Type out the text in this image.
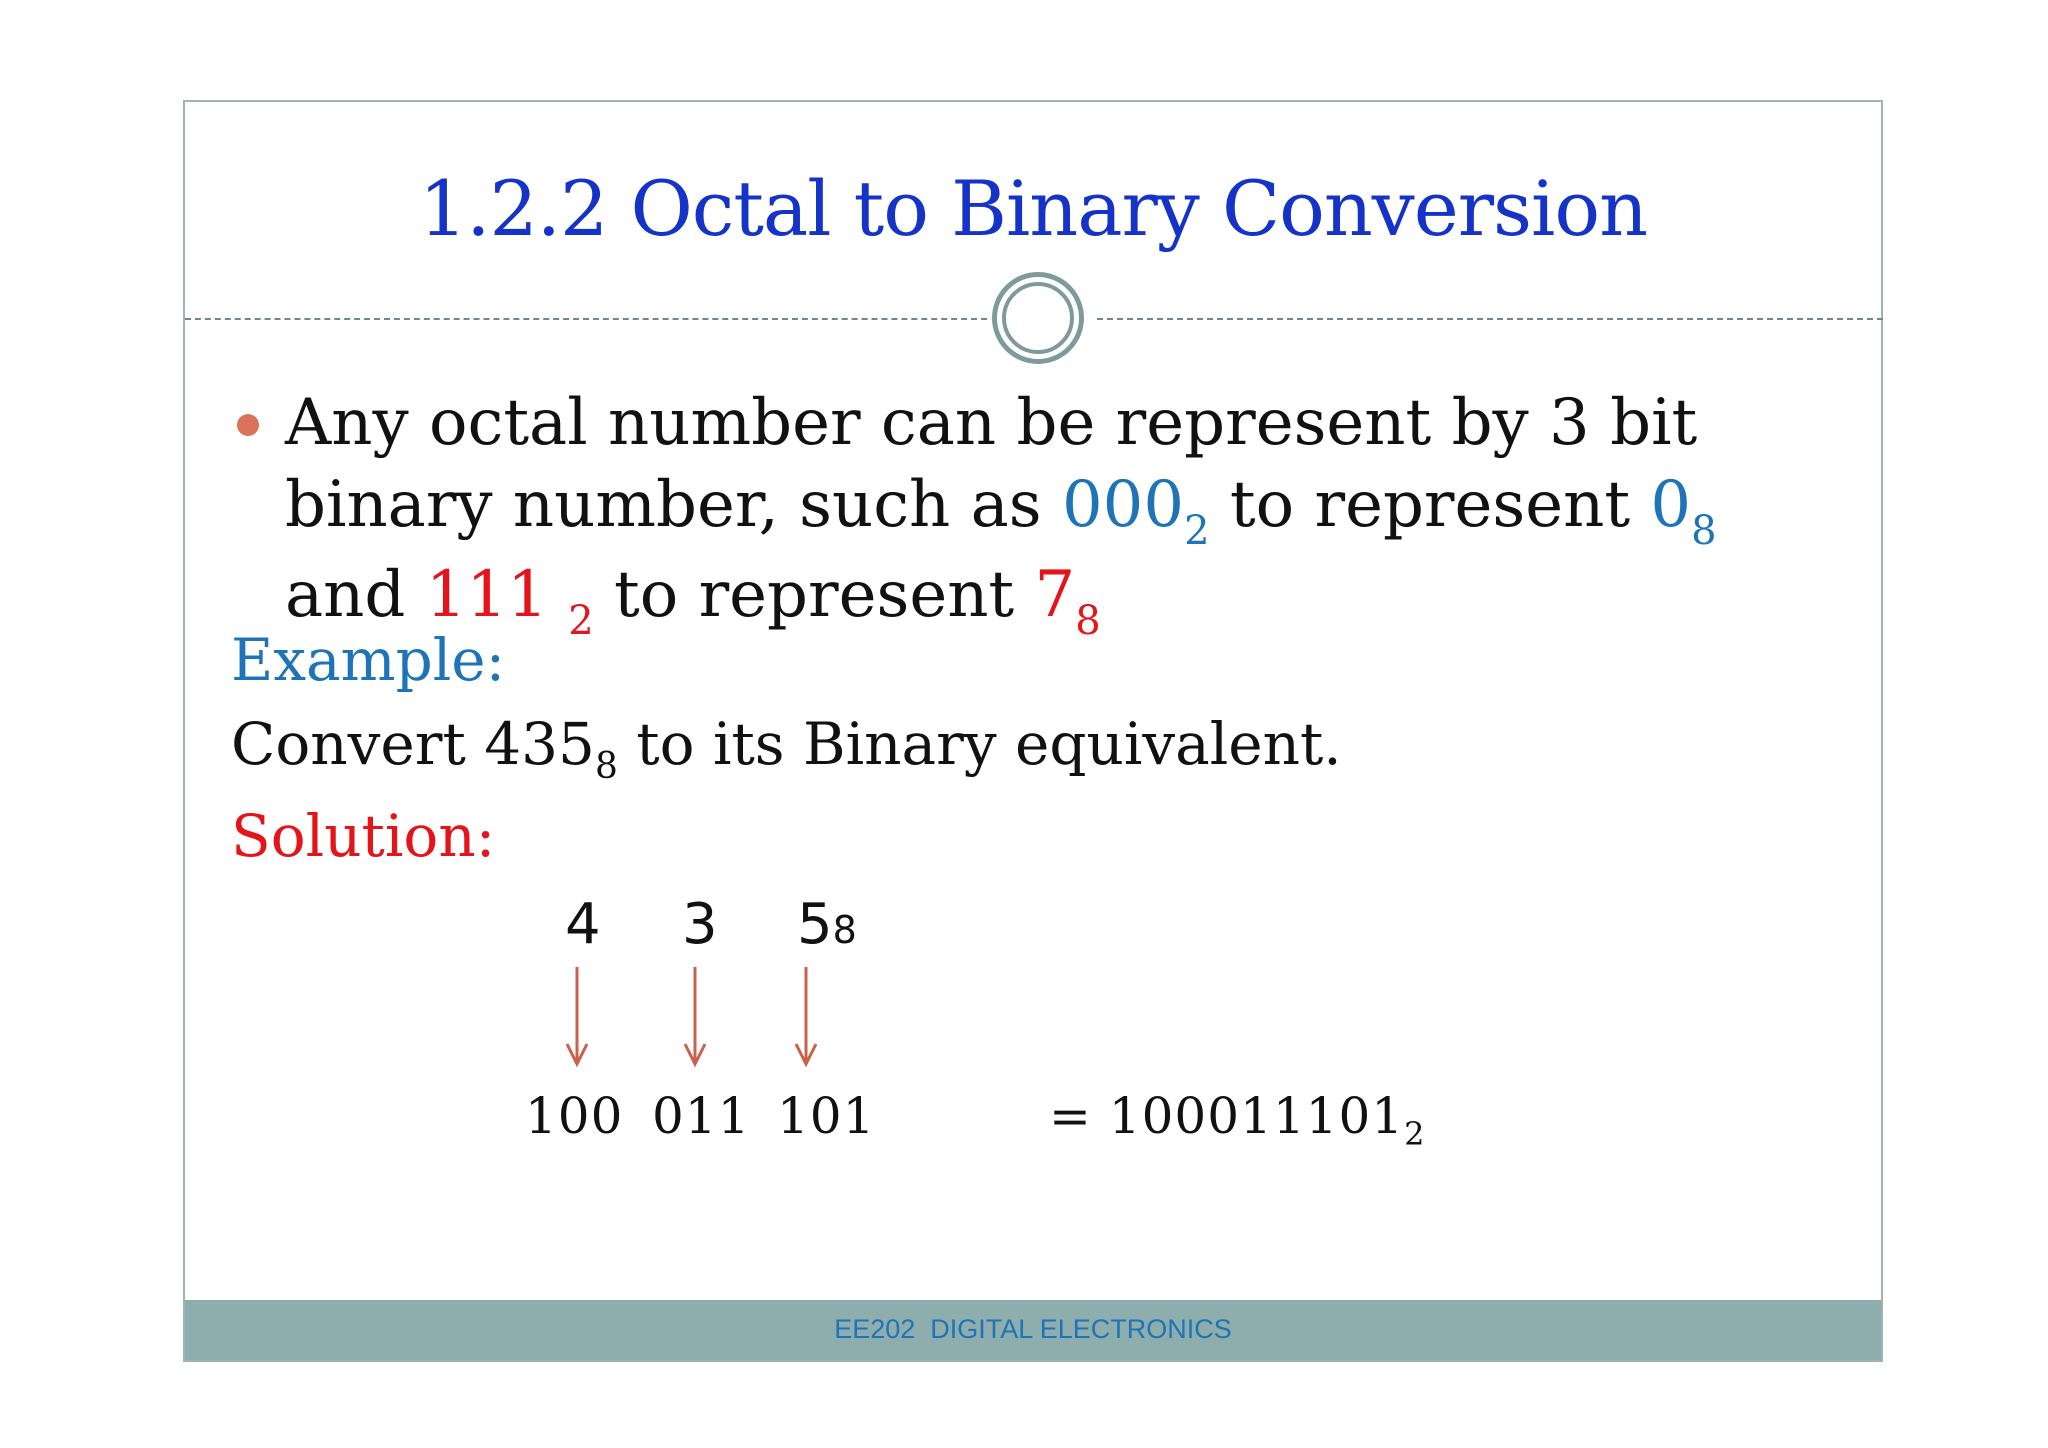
1.2.2 Octal to Binary Conversion
Any octal number can be represent by 3 bit binary number, such as $000_2$ to represent $0_8$ and 111 $_2$ to represent $7_8$
Example:
Convert $435_8$ to its Binary equivalent.
Solution:
4 3 58
100 011 101	= $100011101_2$
EE202  DIGITAL ELECTRONICS
